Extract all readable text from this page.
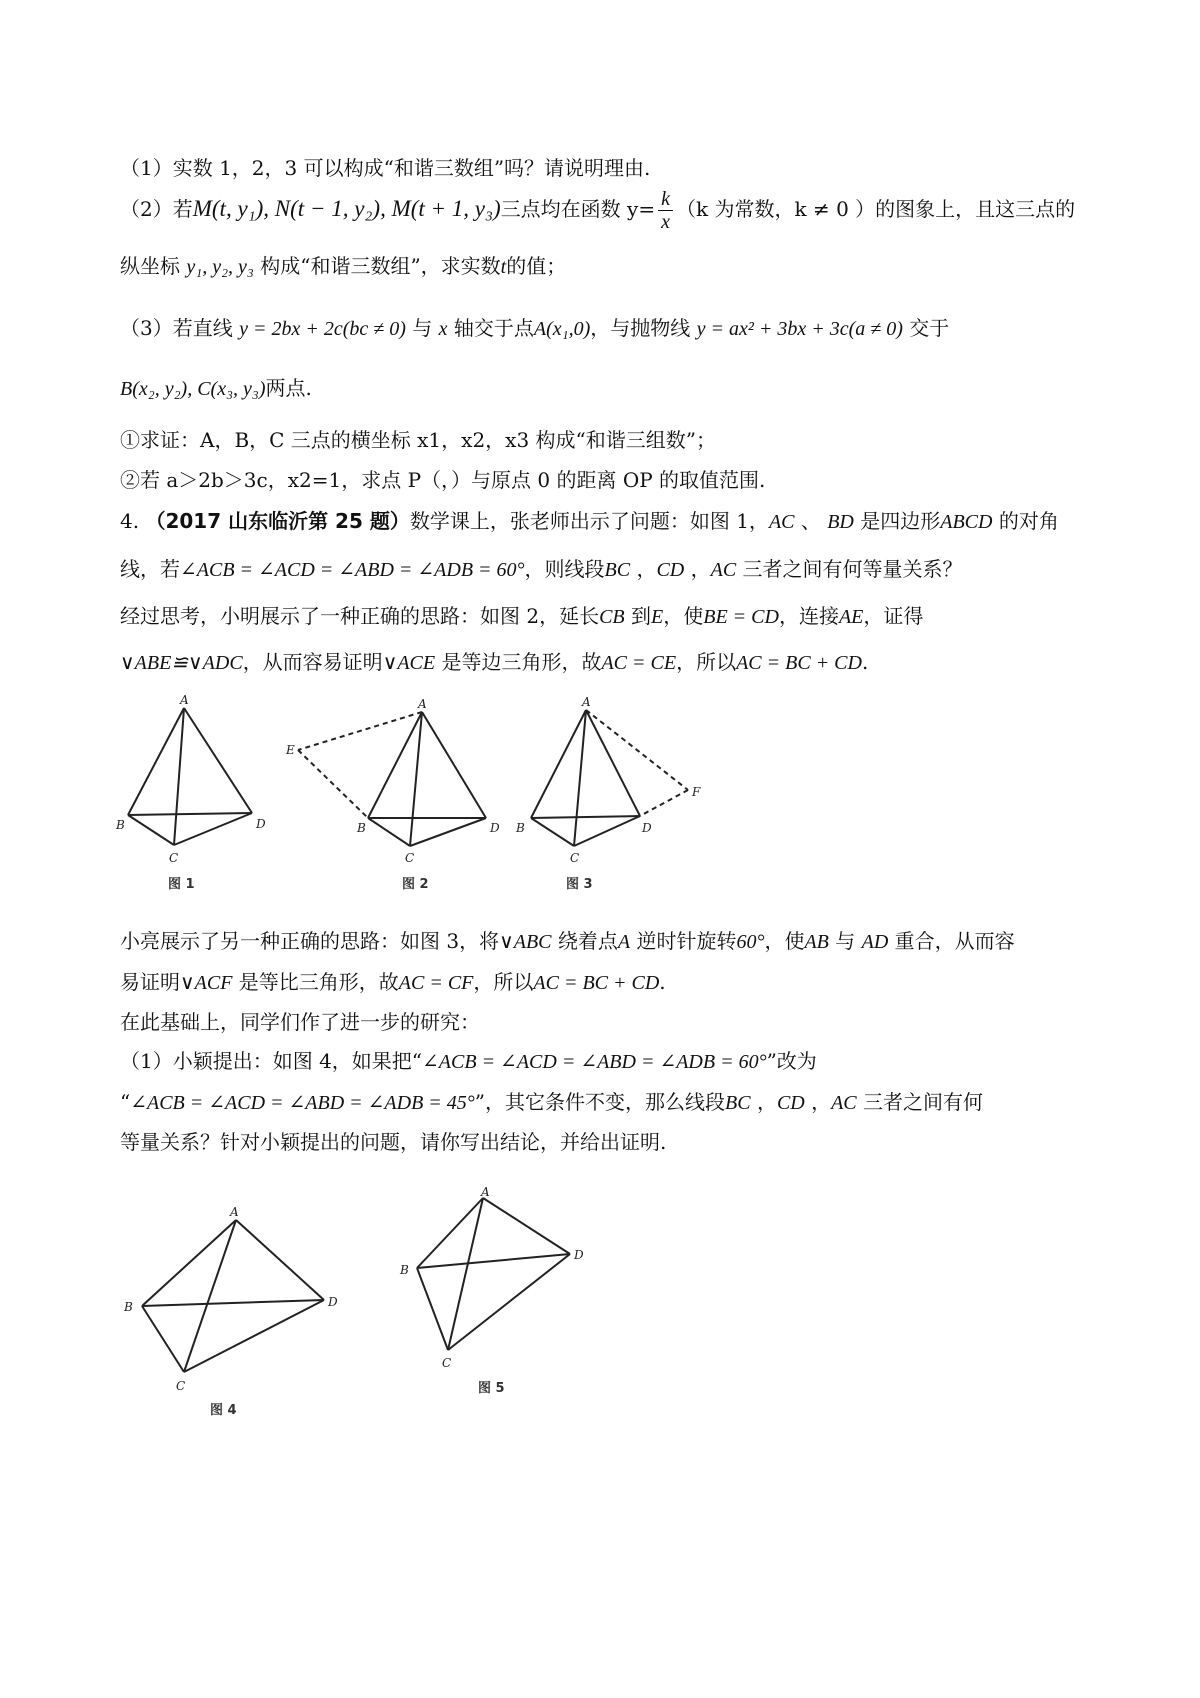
（1）实数 1，2，3 可以构成“和谐三数组”吗？请说明理由.
（2）若M(t, y₁), N(t − 1, y₂), M(t + 1, y₃)三点均在函数 $y= \frac{k}{x} (k$ 为常数，k ≠ 0 ）的图象上，且这三点的
纵坐标 y₁, y₂, y₃ 构成“和谐三数组”，求实数t的值；
（3）若直线 y = 2bx + 2c(bc ≠ 0) 与 x 轴交于点A(x₁,0)，与抛物线 y = ax² + 3bx + 3c(a ≠ 0) 交于
B(x₂, y₂), C(x₃, y₃)两点.
①求证：A，B，C 三点的横坐标 x1，x2，x3 构成“和谐三组数”；
②若 a＞2b＞3c，x2=1，求点 P（，）与原点 0 的距离 OP 的取值范围.
4. （2017 山东临沂第 25 题）数学课上，张老师出示了问题：如图 1，AC 、 BD 是四边形ABCD 的对角
线，若∠ACB = ∠ACD = ∠ABD = ∠ADB = 60°，则线段BC ，CD ，AC 三者之间有何等量关系？
经过思考，小明展示了一种正确的思路：如图 2，延长CB 到E，使BE = CD，连接AE，证得
∨ABE≌∨ADC，从而容易证明∨ACE 是等边三角形，故AC = CE，所以AC = BC + CD.
A
B
C
D
图 1
A
E
B
C
D
图 2
A
B
C
D
F
图 3
小亮展示了另一种正确的思路：如图 3，将∨ABC 绕着点A 逆时针旋转60°，使AB 与 AD 重合，从而容
易证明∨ACF 是等比三角形，故AC = CF，所以AC = BC + CD.
在此基础上，同学们作了进一步的研究：
（1）小颖提出：如图 4，如果把“∠ACB = ∠ACD = ∠ABD = ∠ADB = 60°”改为
“∠ACB = ∠ACD = ∠ABD = ∠ADB = 45°”，其它条件不变，那么线段BC ，CD ，AC 三者之间有何
等量关系？针对小颖提出的问题，请你写出结论，并给出证明.
A
B
C
D
图 4
A
B
C
D
图 5
